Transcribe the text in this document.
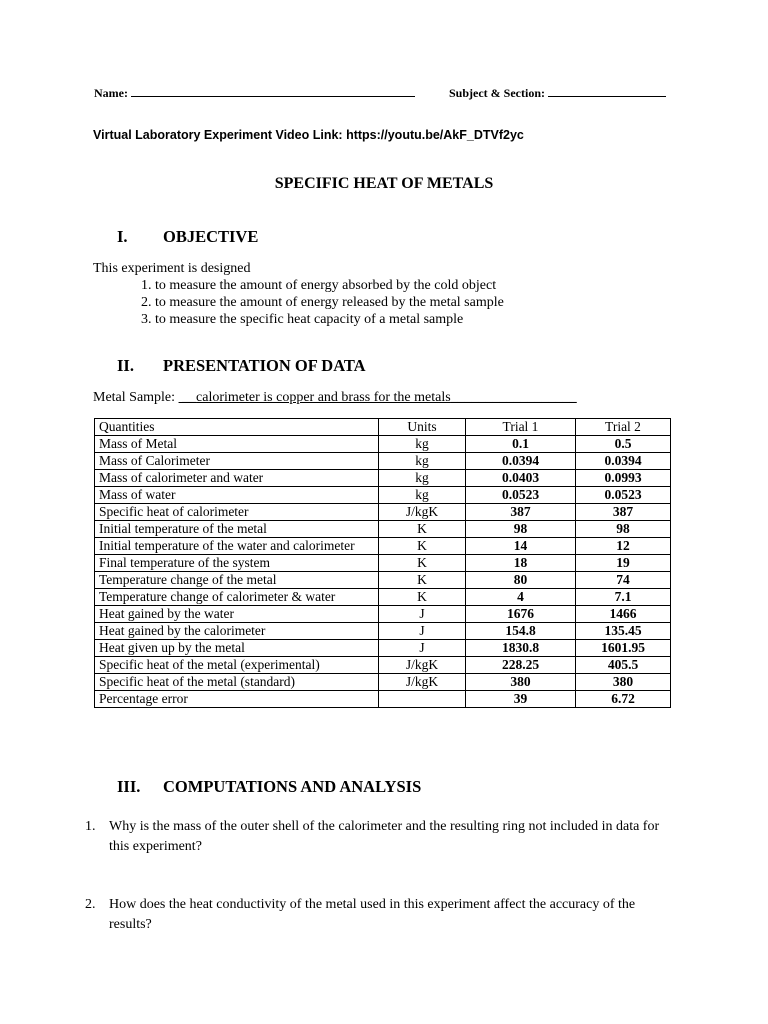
Name:	Subject & Section:
Virtual Laboratory Experiment Video Link: https://youtu.be/AkF_DTVf2yc
SPECIFIC HEAT OF METALS
I. OBJECTIVE
This experiment is designed
1. to measure the amount of energy absorbed by the cold object
2. to measure the amount of energy released by the metal sample
3. to measure the specific heat capacity of a metal sample
II. PRESENTATION OF DATA
Metal Sample:  __calorimeter is copper and brass for the metals__________________
Quantities	Units	Trial 1	Trial 2
Mass of Metal	kg	0.1	0.5
Mass of Calorimeter	kg	0.0394	0.0394
Mass of calorimeter and water	kg	0.0403	0.0993
Mass of water	kg	0.0523	0.0523
Specific heat of calorimeter	J/kgK	387	387
Initial temperature of the metal	K	98	98
Initial temperature of the water and calorimeter	K	14	12
Final temperature of the system	K	18	19
Temperature change of the metal	K	80	74
Temperature change of calorimeter & water	K	4	7.1
Heat gained by the water	J	1676	1466
Heat gained by the calorimeter	J	154.8	135.45
Heat given up by the metal	J	1830.8	1601.95
Specific heat of the metal (experimental)	J/kgK	228.25	405.5
Specific heat of the metal (standard)	J/kgK	380	380
Percentage error		39	6.72
III. COMPUTATIONS AND ANALYSIS
1. Why is the mass of the outer shell of the calorimeter and the resulting ring not included in data for this experiment?
2. How does the heat conductivity of the metal used in this experiment affect the accuracy of the results?
